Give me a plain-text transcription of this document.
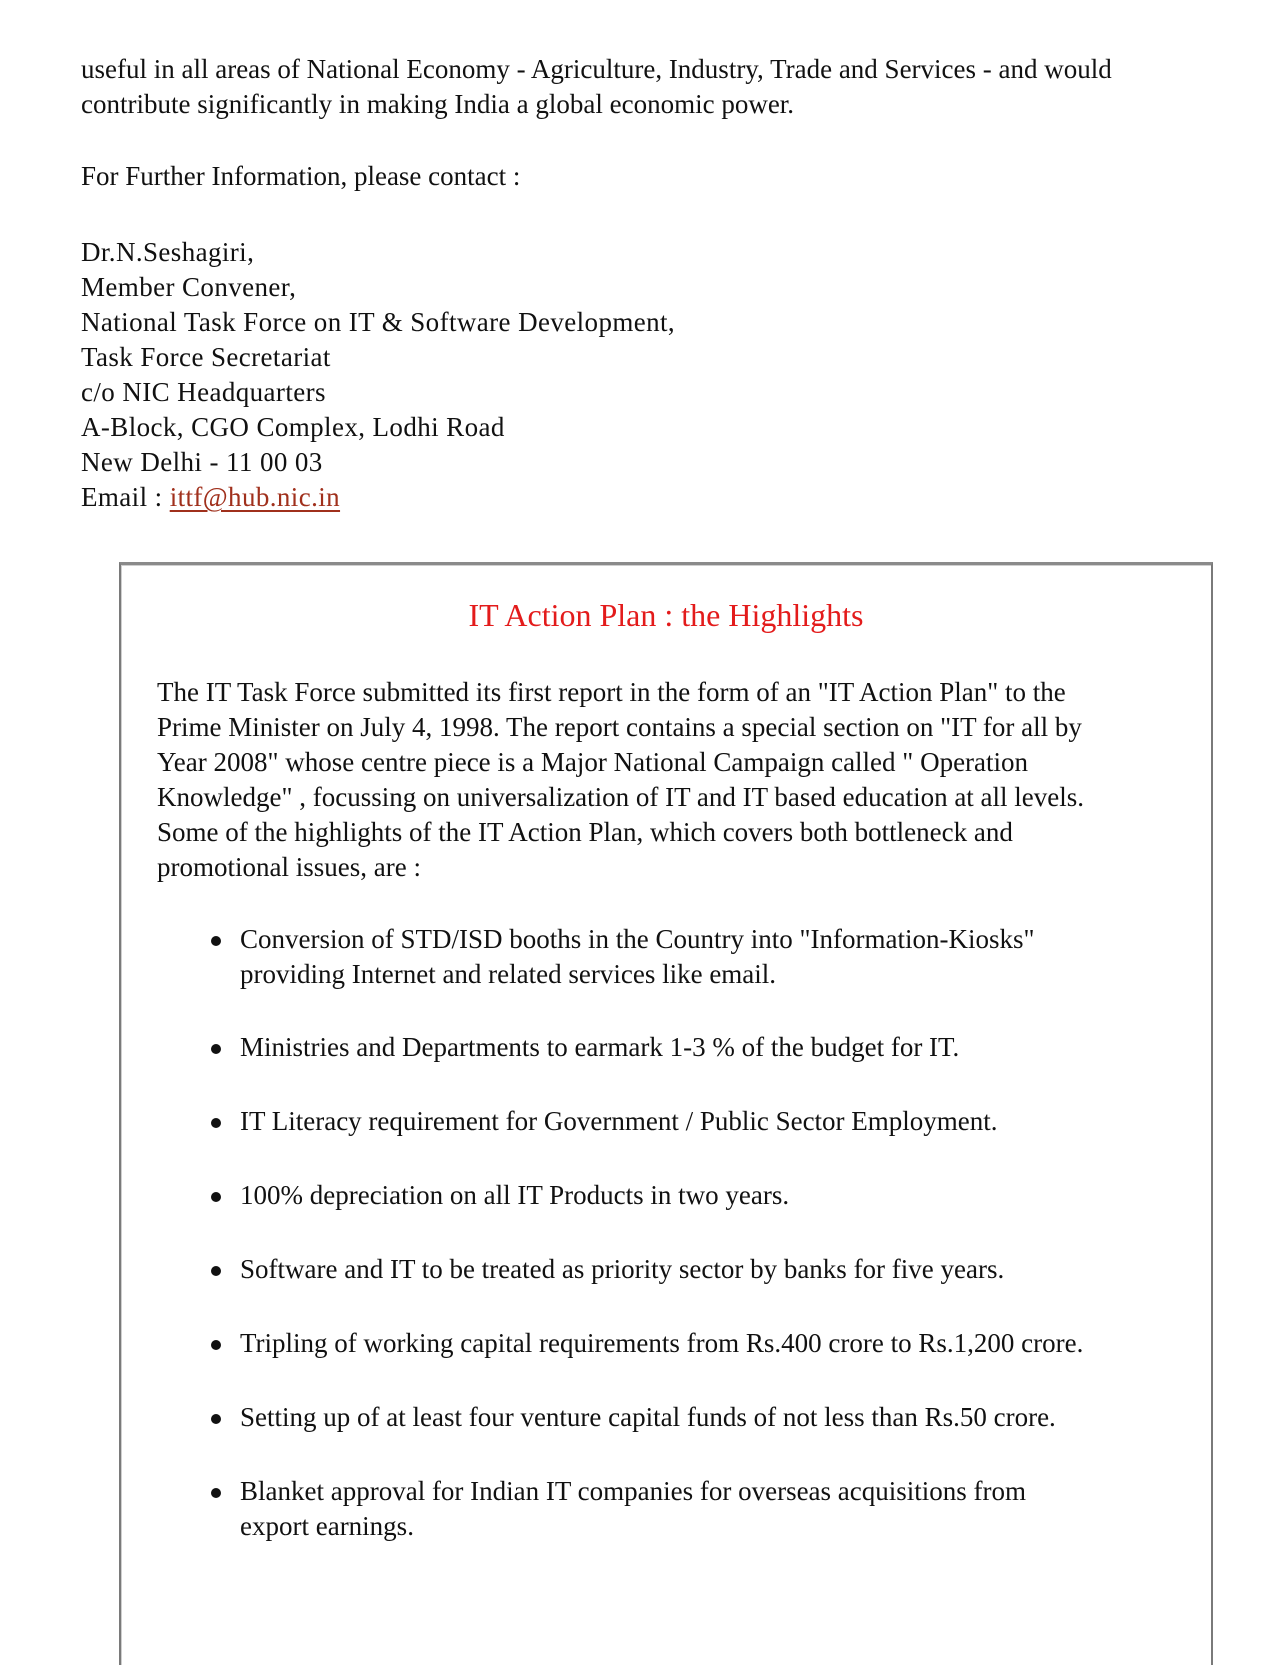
useful in all areas of National Economy - Agriculture, Industry, Trade and Services - and would
contribute significantly in making India a global economic power.

For Further Information, please contact :

Dr.N.Seshagiri,
Member Convener,
National Task Force on IT & Software Development,
Task Force Secretariat
c/o NIC Headquarters
A-Block, CGO Complex, Lodhi Road
New Delhi - 11 00 03
Email : ittf@hub.nic.in
IT Action Plan : the Highlights

The IT Task Force submitted its first report in the form of an "IT Action Plan" to the
Prime Minister on July 4, 1998. The report contains a special section on "IT for all by
Year 2008" whose centre piece is a Major National Campaign called " Operation
Knowledge" , focussing on universalization of IT and IT based education at all levels.
Some of the highlights of the IT Action Plan, which covers both bottleneck and
promotional issues, are :

Conversion of STD/ISD booths in the Country into "Information-Kiosks"
providing Internet and related services like email.
Ministries and Departments to earmark 1-3 % of the budget for IT.
IT Literacy requirement for Government / Public Sector Employment.
100% depreciation on all IT Products in two years.
Software and IT to be treated as priority sector by banks for five years.
Tripling of working capital requirements from Rs.400 crore to Rs.1,200 crore.
Setting up of at least four venture capital funds of not less than Rs.50 crore.
Blanket approval for Indian IT companies for overseas acquisitions from
export earnings.
